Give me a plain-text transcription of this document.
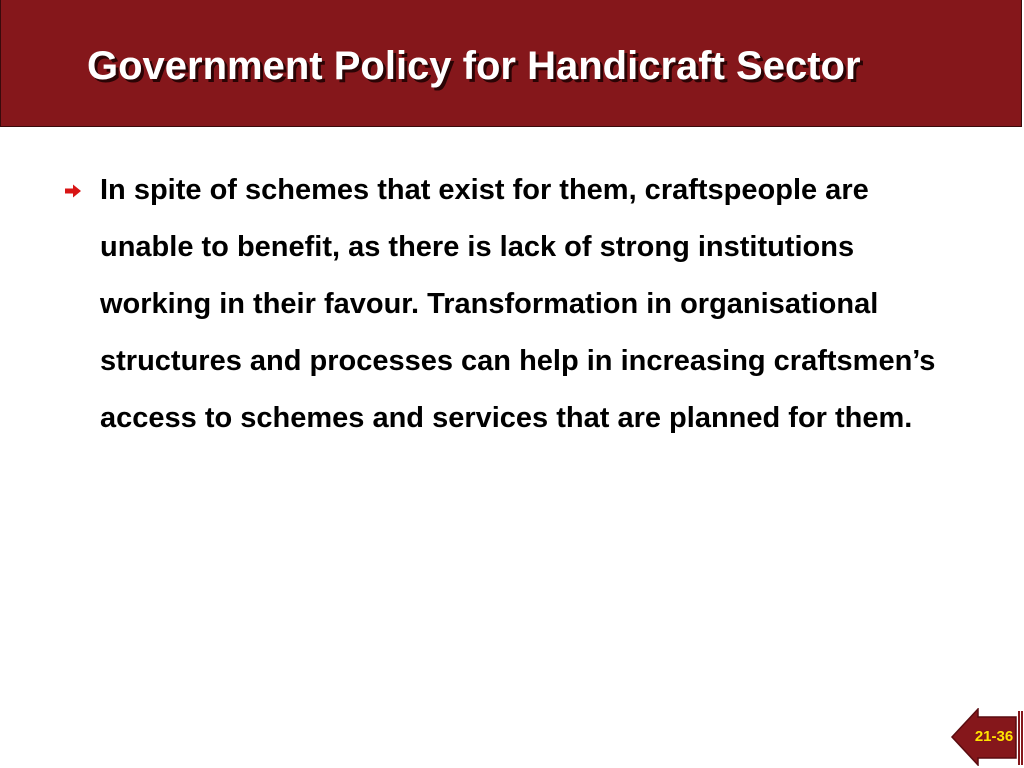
Government Policy for Handicraft Sector

In spite of schemes that exist for them, craftspeople are unable to benefit, as there is lack of strong institutions working in their favour. Transformation in organisational structures and processes can help in increasing craftsmen’s access to schemes and services that are planned for them.

21-36
